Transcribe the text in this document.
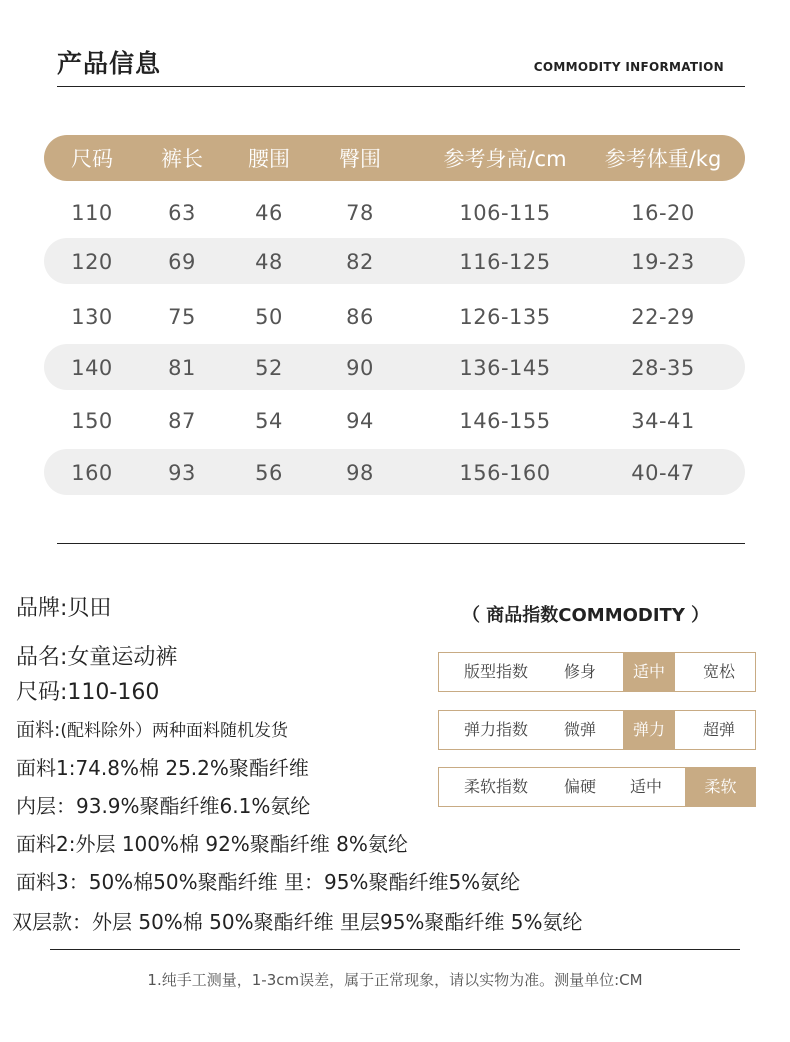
产品信息	COMMODITY INFORMATION
尺码 裤长 腰围 臀围	参考身高/cm 参考体重/kg
110	63	46	78	106-115	16-20
120	69	48	82	116-125	19-23
130	75	50	86	126-135	22-29
140	81	52	90	136-145	28-35
150	87	54	94	146-155	34-41
160	93	56	98	156-160	40-47
品牌:贝田
品名:女童运动裤
尺码:110-160
面料:(配料除外）两种面料随机发货
面料1:74.8%棉 25.2%聚酯纤维
内层：93.9%聚酯纤维6.1%氨纶
面料2:外层 100%棉 92%聚酯纤维 8%氨纶
面料3：50%棉50%聚酯纤维 里：95%聚酯纤维5%氨纶
双层款：外层 50%棉 50%聚酯纤维 里层95%聚酯纤维 5%氨纶
（ 商品指数COMMODITY ）
版型指数 修身	适中	宽松
弹力指数 微弹	弹力	超弹
柔软指数 偏硬 适中	柔软
1.纯手工测量，1-3cm误差，属于正常现象，请以实物为准。测量单位:CM
